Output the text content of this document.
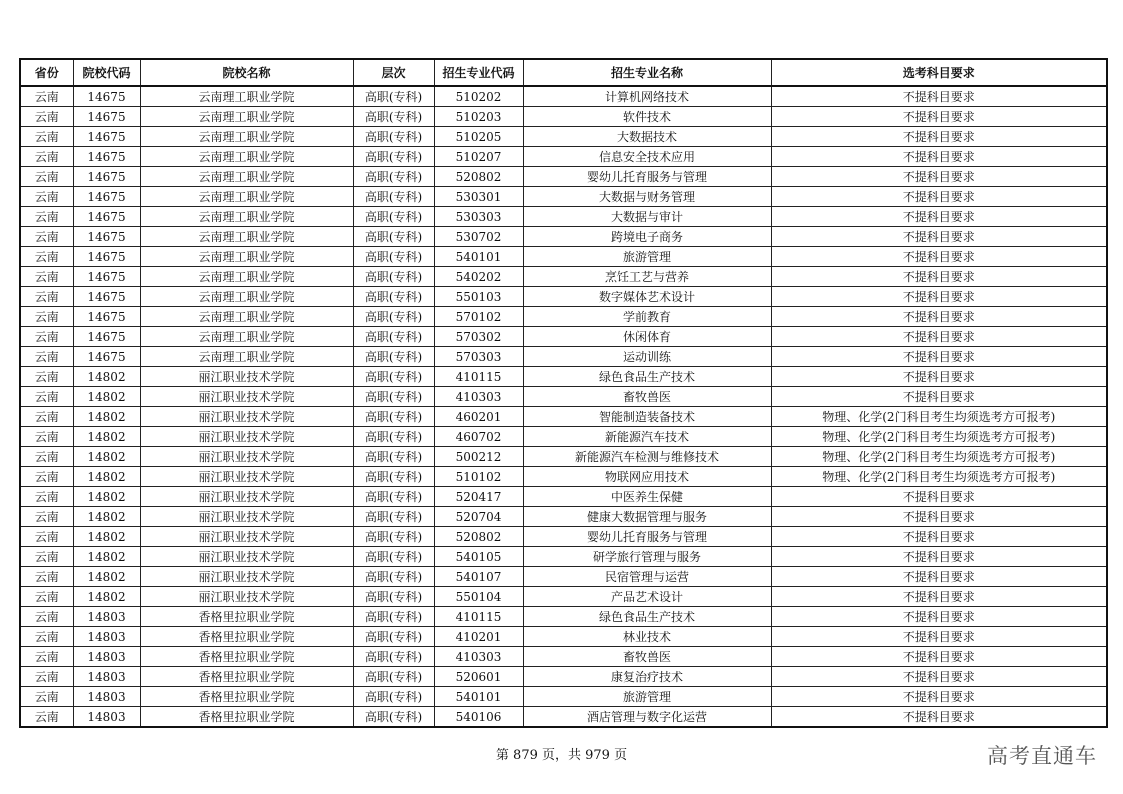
省份	院校代码	院校名称	层次	招生专业代码	招生专业名称	选考科目要求
云南	14675	云南理工职业学院	高职(专科)	510202	计算机网络技术	不提科目要求
云南	14675	云南理工职业学院	高职(专科)	510203	软件技术	不提科目要求
云南	14675	云南理工职业学院	高职(专科)	510205	大数据技术	不提科目要求
云南	14675	云南理工职业学院	高职(专科)	510207	信息安全技术应用	不提科目要求
云南	14675	云南理工职业学院	高职(专科)	520802	婴幼儿托育服务与管理	不提科目要求
云南	14675	云南理工职业学院	高职(专科)	530301	大数据与财务管理	不提科目要求
云南	14675	云南理工职业学院	高职(专科)	530303	大数据与审计	不提科目要求
云南	14675	云南理工职业学院	高职(专科)	530702	跨境电子商务	不提科目要求
云南	14675	云南理工职业学院	高职(专科)	540101	旅游管理	不提科目要求
云南	14675	云南理工职业学院	高职(专科)	540202	烹饪工艺与营养	不提科目要求
云南	14675	云南理工职业学院	高职(专科)	550103	数字媒体艺术设计	不提科目要求
云南	14675	云南理工职业学院	高职(专科)	570102	学前教育	不提科目要求
云南	14675	云南理工职业学院	高职(专科)	570302	休闲体育	不提科目要求
云南	14675	云南理工职业学院	高职(专科)	570303	运动训练	不提科目要求
云南	14802	丽江职业技术学院	高职(专科)	410115	绿色食品生产技术	不提科目要求
云南	14802	丽江职业技术学院	高职(专科)	410303	畜牧兽医	不提科目要求
云南	14802	丽江职业技术学院	高职(专科)	460201	智能制造装备技术	物理、化学(2门科目考生均须选考方可报考)
云南	14802	丽江职业技术学院	高职(专科)	460702	新能源汽车技术	物理、化学(2门科目考生均须选考方可报考)
云南	14802	丽江职业技术学院	高职(专科)	500212	新能源汽车检测与维修技术	物理、化学(2门科目考生均须选考方可报考)
云南	14802	丽江职业技术学院	高职(专科)	510102	物联网应用技术	物理、化学(2门科目考生均须选考方可报考)
云南	14802	丽江职业技术学院	高职(专科)	520417	中医养生保健	不提科目要求
云南	14802	丽江职业技术学院	高职(专科)	520704	健康大数据管理与服务	不提科目要求
云南	14802	丽江职业技术学院	高职(专科)	520802	婴幼儿托育服务与管理	不提科目要求
云南	14802	丽江职业技术学院	高职(专科)	540105	研学旅行管理与服务	不提科目要求
云南	14802	丽江职业技术学院	高职(专科)	540107	民宿管理与运营	不提科目要求
云南	14802	丽江职业技术学院	高职(专科)	550104	产品艺术设计	不提科目要求
云南	14803	香格里拉职业学院	高职(专科)	410115	绿色食品生产技术	不提科目要求
云南	14803	香格里拉职业学院	高职(专科)	410201	林业技术	不提科目要求
云南	14803	香格里拉职业学院	高职(专科)	410303	畜牧兽医	不提科目要求
云南	14803	香格里拉职业学院	高职(专科)	520601	康复治疗技术	不提科目要求
云南	14803	香格里拉职业学院	高职(专科)	540101	旅游管理	不提科目要求
云南	14803	香格里拉职业学院	高职(专科)	540106	酒店管理与数字化运营	不提科目要求
第 879 页，共 979 页	高考直通车
